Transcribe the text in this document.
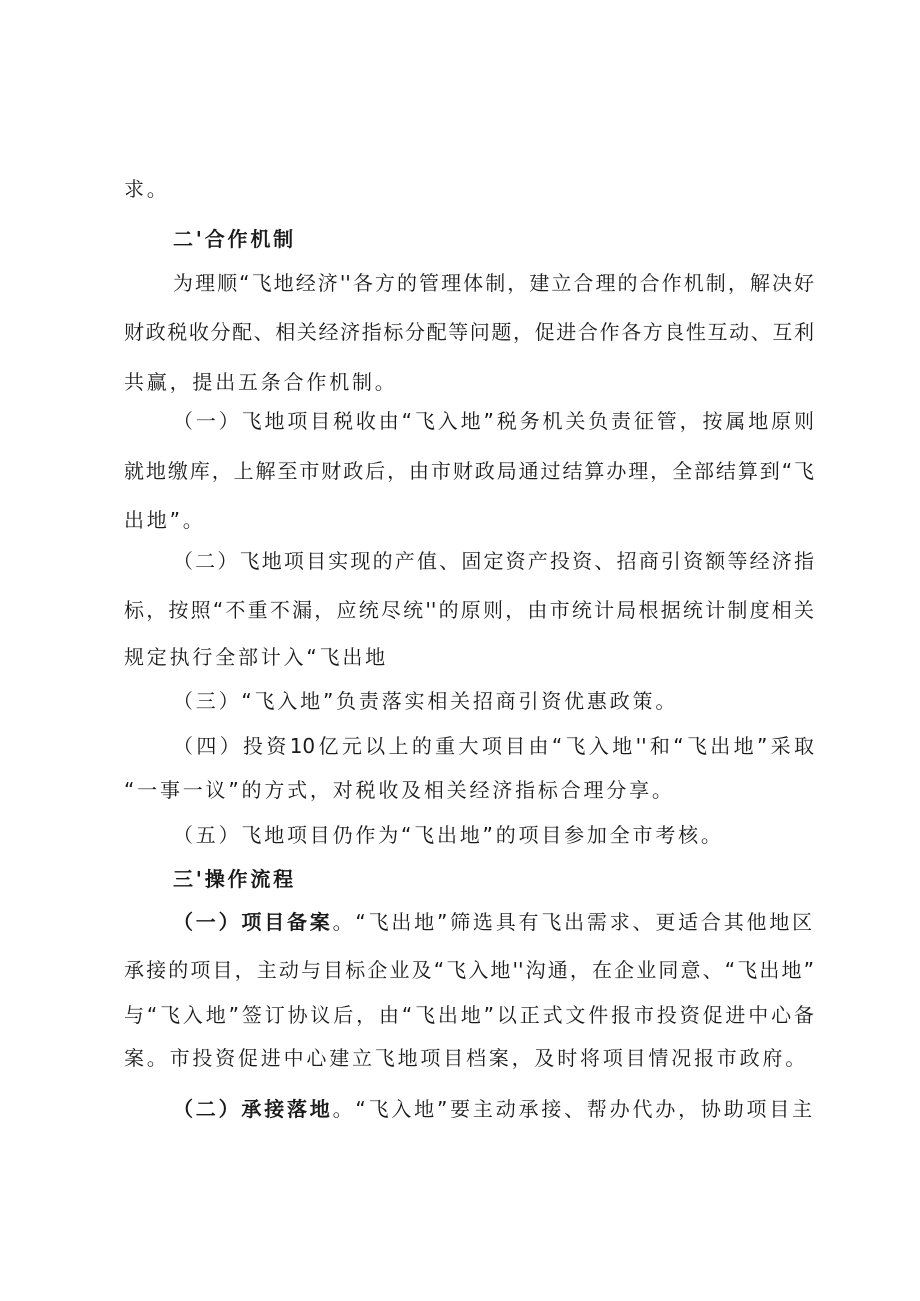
求。
二'合作机制
为理顺“飞地经济''各方的管理体制，建立合理的合作机制，解决好
财政税收分配、相关经济指标分配等问题，促进合作各方良性互动、互利
共赢，提出五条合作机制。
（一）飞地项目税收由“飞入地”税务机关负责征管，按属地原则
就地缴库，上解至市财政后，由市财政局通过结算办理，全部结算到“飞
出地”。
（二）飞地项目实现的产值、固定资产投资、招商引资额等经济指
标，按照“不重不漏，应统尽统''的原则，由市统计局根据统计制度相关
规定执行全部计入“飞出地
（三）“飞入地”负责落实相关招商引资优惠政策。
（四）投资10亿元以上的重大项目由“飞入地''和“飞出地”采取
“一事一议”的方式，对税收及相关经济指标合理分享。
（五）飞地项目仍作为“飞出地”的项目参加全市考核。
三'操作流程
（一）项目备案。“飞出地”筛选具有飞出需求、更适合其他地区
承接的项目，主动与目标企业及“飞入地''沟通，在企业同意、“飞出地”
与“飞入地”签订协议后，由“飞出地”以正式文件报市投资促进中心备
案。市投资促进中心建立飞地项目档案，及时将项目情况报市政府。
（二）承接落地。“飞入地”要主动承接、帮办代办，协助项目主
